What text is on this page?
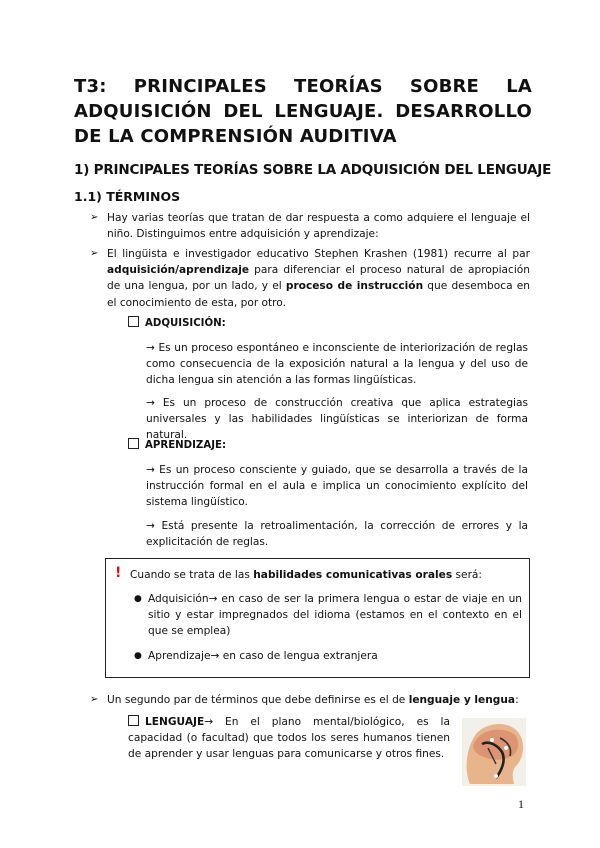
T3: PRINCIPALES TEORÍAS SOBRE LA ADQUISICIÓN DEL LENGUAJE. DESARROLLO DE LA COMPRENSIÓN AUDITIVA
1) PRINCIPALES TEORÍAS SOBRE LA ADQUISICIÓN DEL LENGUAJE
1.1) TÉRMINOS
➢ Hay varias teorías que tratan de dar respuesta a como adquiere el lenguaje el niño. Distinguimos entre adquisición y aprendizaje:
➢ El lingüista e investigador educativo Stephen Krashen (1981) recurre al par adquisición/aprendizaje para diferenciar el proceso natural de apropiación de una lengua, por un lado, y el proceso de instrucción que desemboca en el conocimiento de esta, por otro.
ADQUISICIÓN:
→ Es un proceso espontáneo e inconsciente de interiorización de reglas como consecuencia de la exposición natural a la lengua y del uso de dicha lengua sin atención a las formas lingüísticas.
→ Es un proceso de construcción creativa que aplica estrategias universales y las habilidades lingüísticas se interiorizan de forma natural.
APRENDIZAJE:
→ Es un proceso consciente y guiado, que se desarrolla a través de la instrucción formal en el aula e implica un conocimiento explícito del sistema lingüístico.
→ Está presente la retroalimentación, la corrección de errores y la explicitación de reglas.
! Cuando se trata de las habilidades comunicativas orales será:
● Adquisición→ en caso de ser la primera lengua o estar de viaje en un sitio y estar impregnados del idioma (estamos en el contexto en el que se emplea)
● Aprendizaje→ en caso de lengua extranjera
➢ Un segundo par de términos que debe definirse es el de lenguaje y lengua:
LENGUAJE→ En el plano mental/biológico, es la capacidad (o facultad) que todos los seres humanos tienen de aprender y usar lenguas para comunicarse y otros fines.
1
